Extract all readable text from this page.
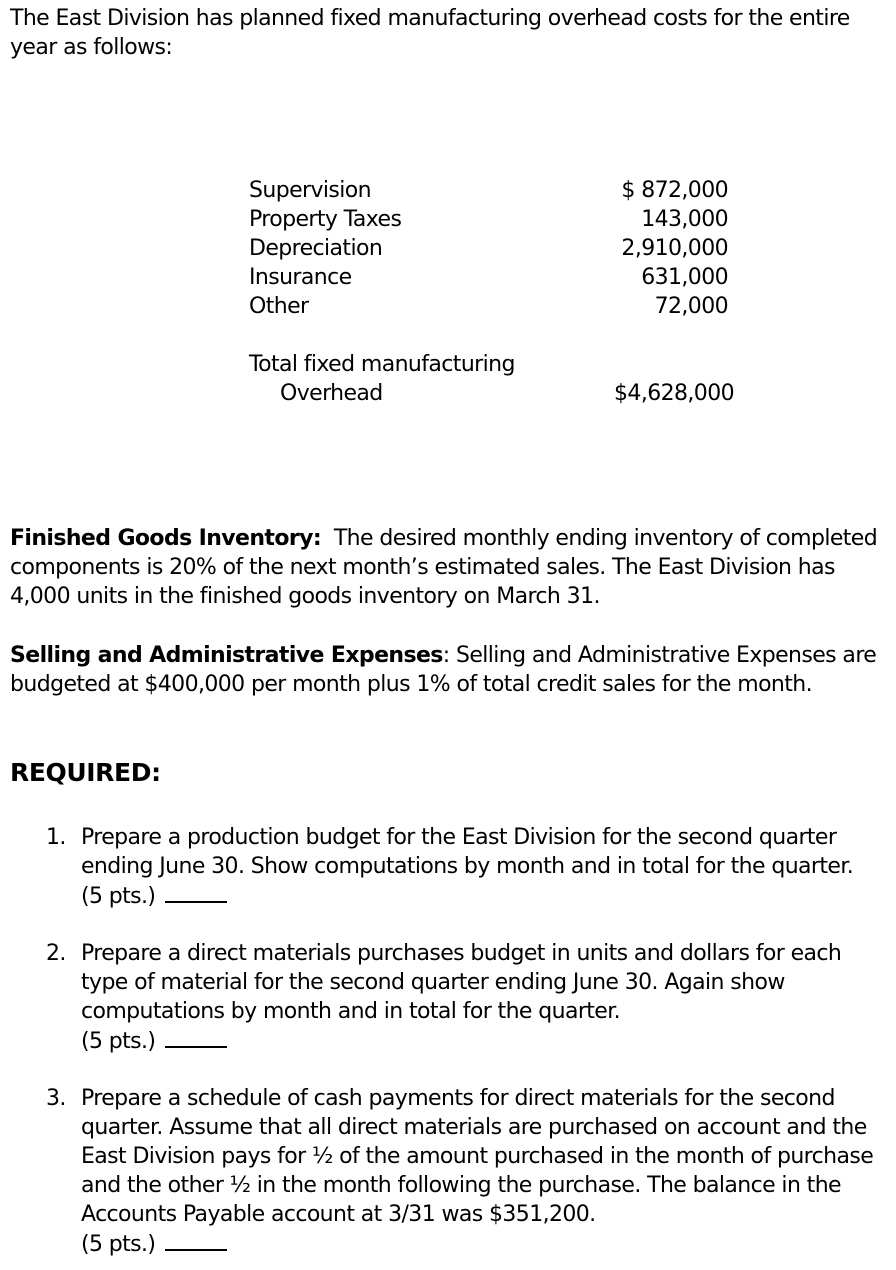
The East Division has planned fixed manufacturing overhead costs for the entire year as follows:
Supervision
Property Taxes
Depreciation
Insurance
Other
$ 872,000
143,000
2,910,000
631,000
72,000
Total fixed manufacturing
Overhead	$4,628,000
Finished Goods Inventory: The desired monthly ending inventory of completed components is 20% of the next month’s estimated sales. The East Division has 4,000 units in the finished goods inventory on March 31.
Selling and Administrative Expenses: Selling and Administrative Expenses are budgeted at $400,000 per month plus 1% of total credit sales for the month.
REQUIRED:
1. Prepare a production budget for the East Division for the second quarter ending June 30. Show computations by month and in total for the quarter.
(5 pts.)
2. Prepare a direct materials purchases budget in units and dollars for each type of material for the second quarter ending June 30. Again show computations by month and in total for the quarter.
(5 pts.)
3. Prepare a schedule of cash payments for direct materials for the second quarter. Assume that all direct materials are purchased on account and the East Division pays for ½ of the amount purchased in the month of purchase and the other ½ in the month following the purchase. The balance in the Accounts Payable account at 3/31 was $351,200.
(5 pts.)
